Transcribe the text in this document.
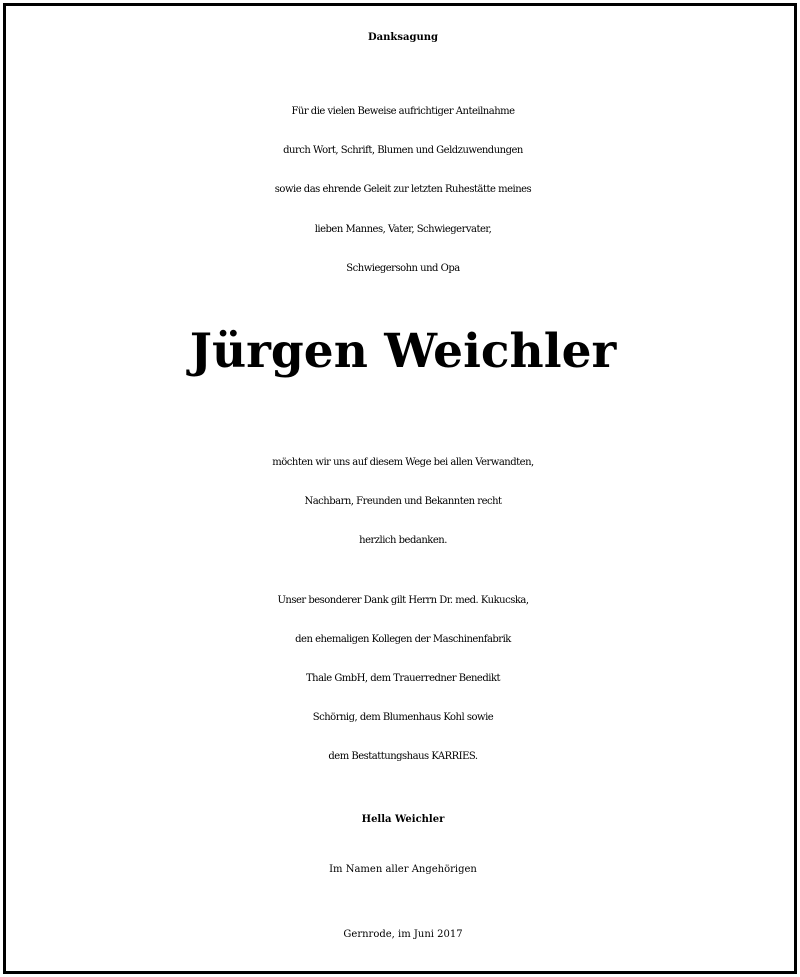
Danksagung
Für die vielen Beweise aufrichtiger Anteilnahme
durch Wort, Schrift, Blumen und Geldzuwendungen
sowie das ehrende Geleit zur letzten Ruhestätte meines
lieben Mannes, Vater, Schwiegervater,
Schwiegersohn und Opa
Jürgen Weichler
möchten wir uns auf diesem Wege bei allen Verwandten,
Nachbarn, Freunden und Bekannten recht
herzlich bedanken.
Unser besonderer Dank gilt Herrn Dr. med. Kukucska,
den ehemaligen Kollegen der Maschinenfabrik
Thale GmbH, dem Trauerredner Benedikt
Schörnig, dem Blumenhaus Kohl sowie
dem Bestattungshaus KARRIES.
Hella Weichler
Im Namen aller Angehörigen
Gernrode, im Juni 2017
